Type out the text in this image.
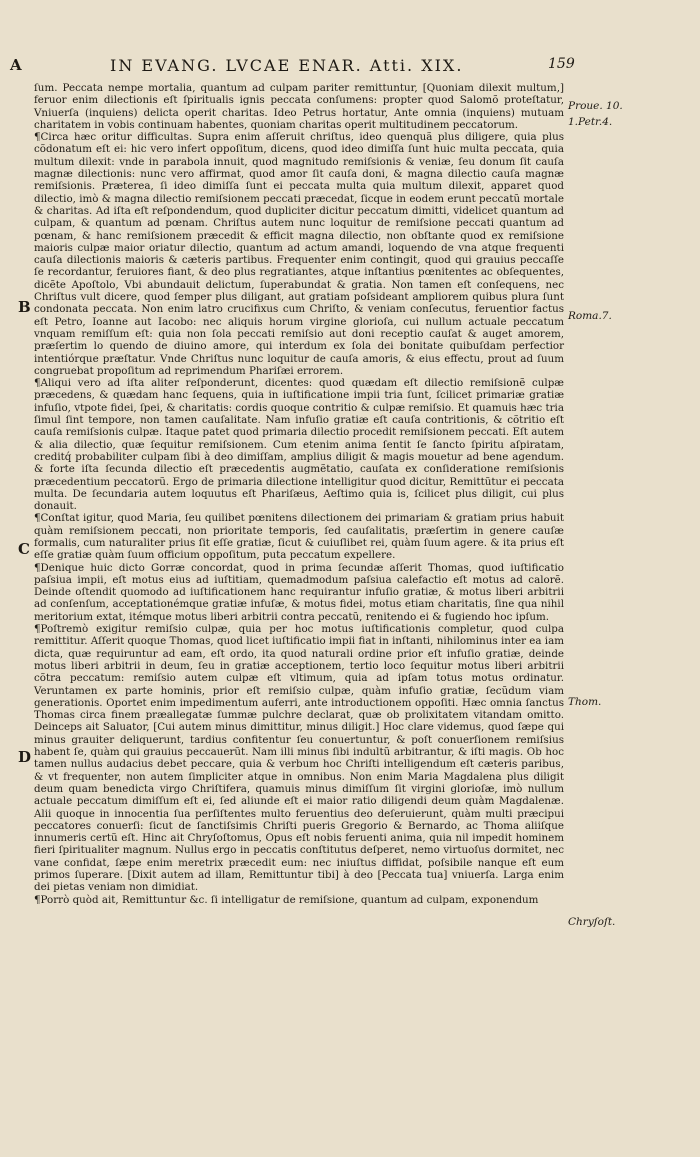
A	IN EVANG. LVCAE ENAR. Atti. XIX.	159
B
C
D
Proue. 10.
1.Petr.4.
Roma.7.
Thom.
Chryſoſt.

ſum. Peccata nempe mortalia, quantum ad culpam pariter remittuntur, [Quoniam dilexit multum,] feruor enim dilectionis eſt ſpiritualis ignis peccata conſumens: propter quod Salomõ proteſtatur, Vniuerſa (inquiens) delicta operit charitas. Ideo Petrus hortatur, Ante omnia (inquiens) mutuam charitatem in vobis continuam habentes, quoniam charitas operit multitudinem peccatorum.

¶Circa hæc oritur difficultas. Supra enim aſſeruit chriſtus, ideo quenquã plus diligere, quia plus cõdonatum eſt ei: hic vero infert oppoſitum, dicens, quod ideo dimiſſa ſunt huic multa peccata, quia multum dilexit: vnde in parabola innuit, quod magnitudo remiſsionis & veniæ, ſeu donum ſit cauſa magnæ dilectionis: nunc vero affirmat, quod amor ſit cauſa doni, & magna dilectio cauſa magnæ remiſsionis. Præterea, ſi ideo dimiſſa ſunt ei peccata multa quia multum dilexit, apparet quod dilectio, imò & magna dilectio remiſsionem peccati præcedat, ſicque in eodem erunt peccatũ mortale & charitas. Ad iſta eſt reſpondendum, quod dupliciter dicitur peccatum dimitti, videlicet quantum ad culpam, & quantum ad pœnam. Chriſtus autem nunc loquitur de remiſsione peccati quantum ad pœnam, & hanc remiſsionem præcedit & efficit magna dilectio, non obſtante quod ex remiſsione maioris culpæ maior oriatur dilectio, quantum ad actum amandi, loquendo de vna atque frequenti cauſa dilectionis maioris & cæteris partibus. Frequenter enim contingit, quod qui grauius peccaſſe ſe recordantur, feruiores fiant, & deo plus regratiantes, atque inſtantius pœnitentes ac obſequentes, dicẽte Apoſtolo, Vbi abundauit delictum, ſuperabundat & gratia. Non tamen eſt conſequens, nec Chriſtus vult dicere, quod ſemper plus diligant, aut gratiam poſsideant ampliorem quibus plura ſunt condonata peccata. Non enim latro crucifixus cum Chriſto, & veniam conſecutus, feruentior factus eſt Petro, Ioanne aut Iacobo: nec aliquis horum virgine glorioſa, cui nullum actuale peccatum vnquam remiſſum eſt: quia non ſola peccati remiſsio aut doni receptio cauſat & auget amorem, præſertim lo quendo de diuino amore, qui interdum ex ſola dei bonitate quibuſdam perfectior intentiórque præſtatur. Vnde Chriſtus nunc loquitur de cauſa amoris, & eius effectu, prout ad ſuum congruebat propoſitum ad reprimendum Phariſæi errorem.

¶Aliqui vero ad iſta aliter reſponderunt, dicentes: quod quædam eſt dilectio remiſsionẽ culpæ præcedens, & quædam hanc ſequens, quia in iuſtificatione impii tria ſunt, ſcilicet primariæ gratiæ infuſio, vtpote fidei, ſpei, & charitatis: cordis quoque contritio & culpæ remiſsio. Et quamuis hæc tria ſimul ſint tempore, non tamen cauſalitate. Nam infuſio gratiæ eſt cauſa contritionis, & cõtritio eſt cauſa remiſsionis culpæ. Itaque patet quod primaria dilectio procedit remiſsionem peccati. Eſt autem & alia dilectio, quæ ſequitur remiſsionem. Cum etenim anima ſentit ſe ſancto ſpiritu aſpiratam, creditq́ probabiliter culpam ſibi à deo dimiſſam, amplius diligit & magis mouetur ad bene agendum. & forte iſta ſecunda dilectio eſt præcedentis augmẽtatio, cauſata ex conſideratione remiſsionis præcedentium peccatorũ. Ergo de primaria dilectione intelligitur quod dicitur, Remittũtur ei peccata multa. De ſecundaria autem loquutus eſt Phariſæus, Aeſtimo quia is, ſcilicet plus diligit, cui plus donauit.

¶Conſtat igitur, quod Maria, ſeu quilibet pœnitens dilectionem dei primariam & gratiam prius habuit quàm remiſsionem peccati, non prioritate temporis, ſed cauſalitatis, præſertim in genere cauſæ formalis, cum naturaliter prius ſit eſſe gratiæ, ſicut & cuiuſlibet rei, quàm ſuum agere. & ita prius eſt eſſe gratiæ quàm ſuum officium oppoſitum, puta peccatum expellere.

¶Denique huic dicto Gorræ concordat, quod in prima ſecundæ aſſerit Thomas, quod iuſtificatio paſsiua impii, eſt motus eius ad iuſtitiam, quemadmodum paſsiua calefactio eſt motus ad calorẽ. Deinde oſtendit quomodo ad iuſtificationem hanc requirantur infuſio gratiæ, & motus liberi arbitrii ad conſenſum, acceptationémque gratiæ infuſæ, & motus fidei, motus etiam charitatis, ſine qua nihil meritorium extat, itémque motus liberi arbitrii contra peccatũ, renitendo ei & fugiendo hoc ipſum.

¶Poſtremò exigitur remiſsio culpæ, quia per hoc motus iuſtificationis completur, quod culpa remittitur. Aſſerit quoque Thomas, quod licet iuſtificatio impii fiat in inſtanti, nihilominus inter ea iam dicta, quæ requiruntur ad eam, eſt ordo, ita quod naturali ordine prior eſt infuſio gratiæ, deinde motus liberi arbitrii in deum, ſeu in gratiæ acceptionem, tertio loco ſequitur motus liberi arbitrii cõtra peccatum: remiſsio autem culpæ eſt vltimum, quia ad ipſam totus motus ordinatur. Veruntamen ex parte hominis, prior eſt remiſsio culpæ, quàm infuſio gratiæ, ſecũdum viam generationis. Oportet enim impedimentum auferri, ante introductionem oppoſiti. Hæc omnia ſanctus Thomas circa finem præallegatæ ſummæ pulchre declarat, quæ ob prolixitatem vitandam omitto. Deinceps ait Saluator, [Cui autem minus dimittitur, minus diligit.] Hoc clare videmus, quod ſæpe qui minus grauiter deliquerunt, tardius confitentur ſeu conuertuntur, & poſt conuerſionem remiſsius habent ſe, quàm qui grauius peccauerũt. Nam illi minus ſibi indultũ arbitrantur, & iſti magis. Ob hoc tamen nullus audacius debet peccare, quia & verbum hoc Chriſti intelligendum eſt cæteris paribus, & vt frequenter, non autem ſimpliciter atque in omnibus. Non enim Maria Magdalena plus diligit deum quam benedicta virgo Chriſtifera, quamuis minus dimiſſum ſit virgini glorioſæ, imò nullum actuale peccatum dimiſſum eſt ei, ſed aliunde eſt ei maior ratio diligendi deum quàm Magdalenæ. Alii quoque in innocentia ſua perſiſtentes multo feruentius deo deſeruierunt, quàm multi præcipui peccatores conuerſi: ſicut de ſanctiſsimis Chriſti pueris Gregorio & Bernardo, ac Thoma aliiſque innumeris certũ eſt. Hinc ait Chryſoſtomus, Opus eſt nobis feruenti anima, quia nil impedit hominem fieri ſpiritualiter magnum. Nullus ergo in peccatis conſtitutus deſperet, nemo virtuoſus dormitet, nec vane confidat, ſæpe enim meretrix præcedit eum: nec iniuſtus diffidat, poſsibile nanque eſt eum primos ſuperare. [Dixit autem ad illam, Remittuntur tibi] à deo [Peccata tua] vniuerſa. Larga enim dei pietas veniam non dimidiat.

¶Porrò quòd ait, Remittuntur &c. ſi intelligatur de remiſsione, quantum ad culpam, exponendum
